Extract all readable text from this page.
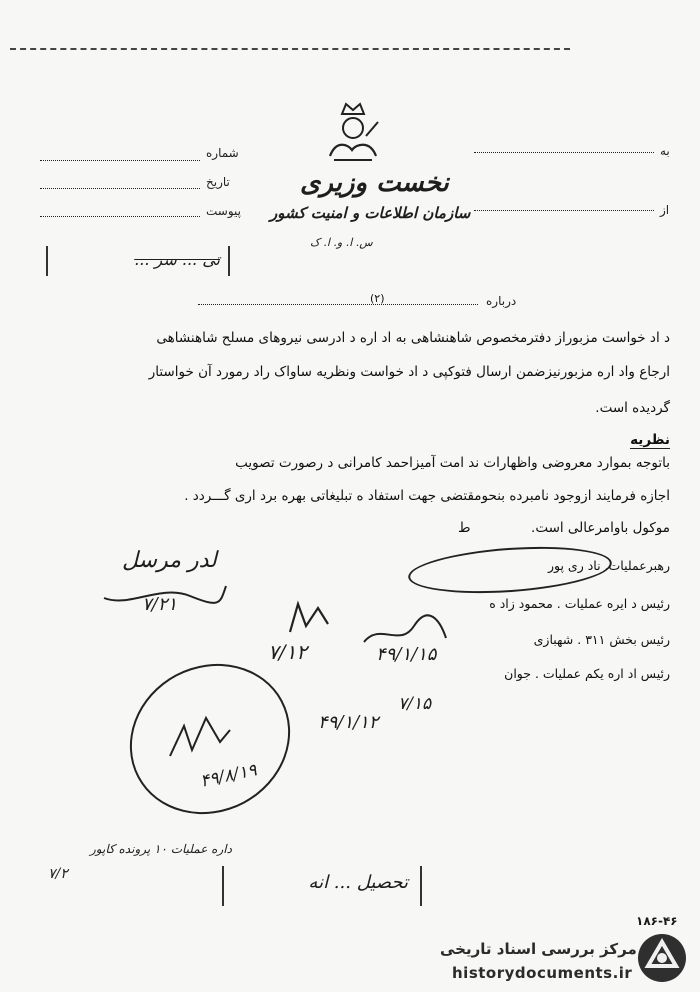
نخست وزیری
سازمان اطلاعات و امنیت کشور
س. ا. و. ا. ک
شماره
تاریخ
پیوست
به
از
تی ... سر ...
(۲)	درباره
د اد خواست مزبوراز دفترمخصوص شاهنشاهی به اد اره د ادرسی نیروهای مسلح شاهنشاهی
ارجاع واد اره مزبورنیزضمن ارسال فتوکپی د اد خواست ونظریه ساواک راد رمورد آن خواستار
گردیده است.
نظریه
باتوجه بموارد معروضی واظهارات ند امت آمیزاحمد کامرانی د رصورت تصویب
اجازه فرمایند ازوجود نامبرده بنحومقتضی جهت استفاد ه تبلیغاتی بهره برد اری گـــردد .
موکول باوامرعالی است.
ط
رهبرعملیات. ناد ری پور
رئیس د ایره عملیات . محمود زاد ه
رئیس بخش ۳۱۱ . شهبازی
رئیس اد اره یکم عملیات . جوان
لدر مرسل
۷/۲۱
۷/۱۲	۴۹/۱/۱۵
۴۹/۱/۱۲
۷/۱۵
۴۹/۸/۱۹
داره عملیات ۱۰ پرونده کاپور
۷/۲	تحصیل ... انه
۱۸۶-۴۶
مرکز بررسی اسناد تاریخی
historydocuments.ir
